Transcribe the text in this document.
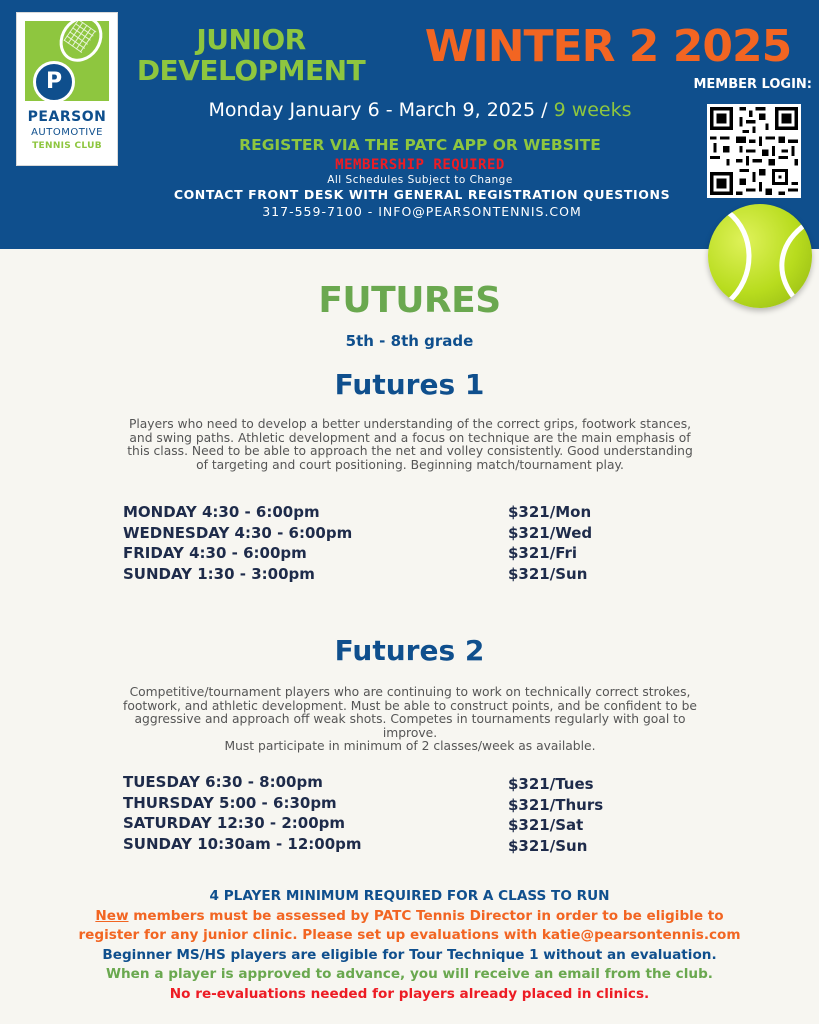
P
PEARSON
AUTOMOTIVE
TENNIS CLUB
JUNIOR DEVELOPMENT	WINTER 2 2025
MEMBER LOGIN:
Monday January 6 - March 9, 2025 / 9 weeks
REGISTER VIA THE PATC APP OR WEBSITE
MEMBERSHIP REQUIRED
All Schedules Subject to Change
CONTACT FRONT DESK WITH GENERAL REGISTRATION QUESTIONS
317-559-7100 - INFO@PEARSONTENNIS.COM
FUTURES
5th - 8th grade
Futures 1
Players who need to develop a better understanding of the correct grips, footwork stances, and swing paths. Athletic development and a focus on technique are the main emphasis of this class. Need to be able to approach the net and volley consistently. Good understanding of targeting and court positioning. Beginning match/tournament play.
MONDAY 4:30 - 6:00pm
WEDNESDAY 4:30 - 6:00pm
FRIDAY 4:30 - 6:00pm
SUNDAY 1:30 - 3:00pm
$321/Mon
$321/Wed
$321/Fri
$321/Sun
Futures 2
Competitive/tournament players who are continuing to work on technically correct strokes, footwork, and athletic development. Must be able to construct points, and be confident to be aggressive and approach off weak shots. Competes in tournaments regularly with goal to improve.
Must participate in minimum of 2 classes/week as available.
TUESDAY 6:30 - 8:00pm
THURSDAY 5:00 - 6:30pm
SATURDAY 12:30 - 2:00pm
SUNDAY 10:30am - 12:00pm
$321/Tues
$321/Thurs
$321/Sat
$321/Sun
4 PLAYER MINIMUM REQUIRED FOR A CLASS TO RUN
New members must be assessed by PATC Tennis Director in order to be eligible to
register for any junior clinic. Please set up evaluations with katie@pearsontennis.com
Beginner MS/HS players are eligible for Tour Technique 1 without an evaluation.
When a player is approved to advance, you will receive an email from the club.
No re-evaluations needed for players already placed in clinics.
